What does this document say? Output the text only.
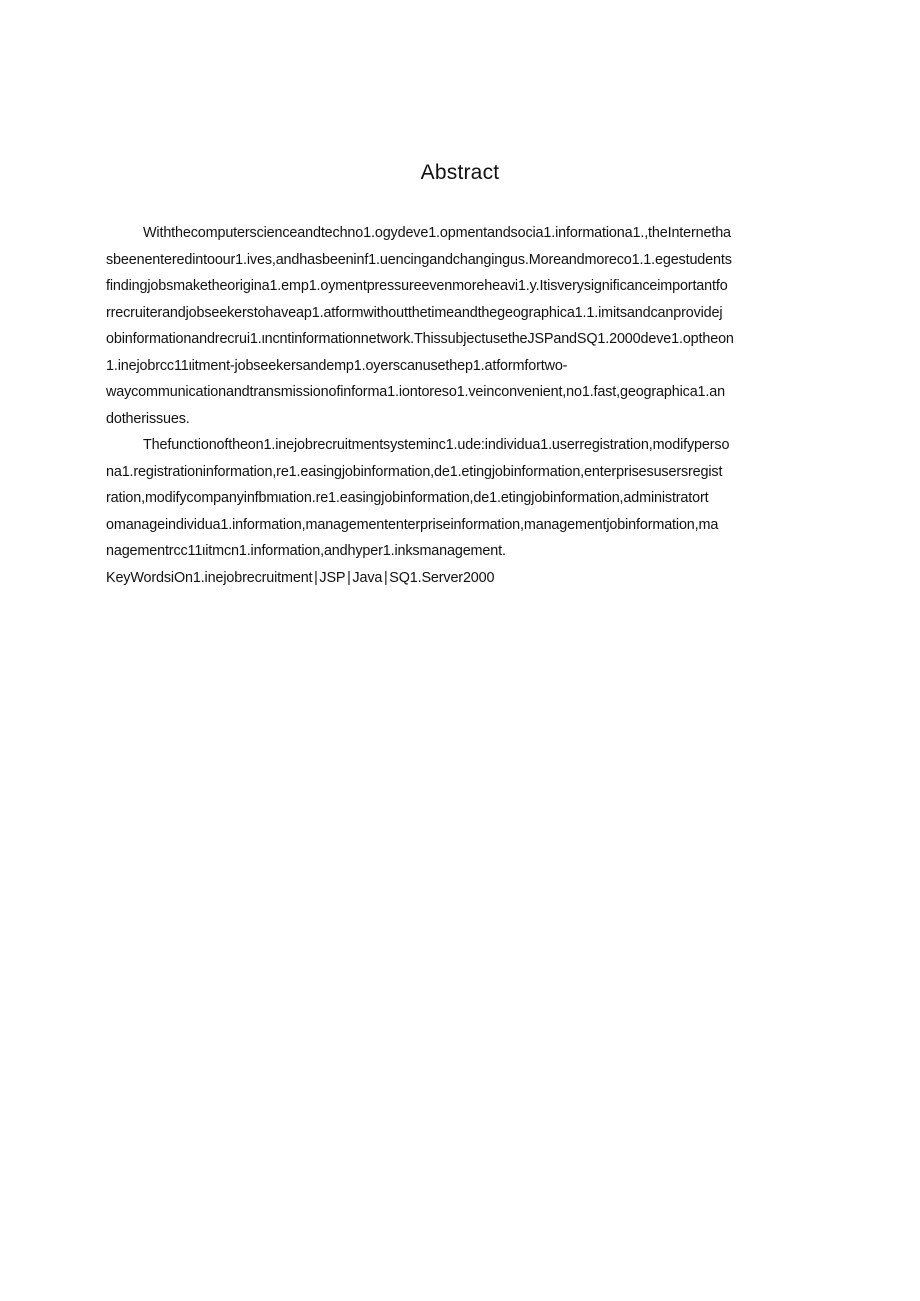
Abstract
Withthecomputerscienceandtechno1.ogydeve1.opmentandsocia1.informationa1.,theInternetha
sbeenenteredintoour1.ives,andhasbeeninf1.uencingandchangingus.Moreandmoreco1.1.egestudents
findingjobsmaketheorigina1.emp1.oymentpressureevenmoreheavi1.y.Itisverysignificanceimportantfo
rrecruiterandjobseekerstohaveap1.atformwithoutthetimeandthegeographica1.1.imitsandcanprovidej
obinformationandrecrui1.ιncntinformationnetwork.ThissubjectusetheJSPandSQ1.2000deve1.optheon
1.inejobrcc11ιitment-jobseekersandemp1.oyerscanusethep1.atformfortwo-
waycommunicationandtransmissionofinforma1.iontoreso1.veinconvenient,no1.fast,geographica1.an
dotherissues.
Thefunctionoftheon1.inejobrecruitmentsysteminc1.ude:individua1.userregistration,modifyperso
na1.registrationinformation,re1.easingjobinformation,de1.etingjobinformation,enterprisesusersregist
ration,modifycompanyinfbmιation.re1.easingjobinformation,de1.etingjobinformation,administratort
omanageindividua1.information,managemententerpriseinformation,managementjobinformation,ma
nagementrcc11ιitmcn1.information,andhyper1.inksmanagement.
KeyWordsiOn1.inejobrecruitment∣JSP∣Java∣SQ1.Server2000
